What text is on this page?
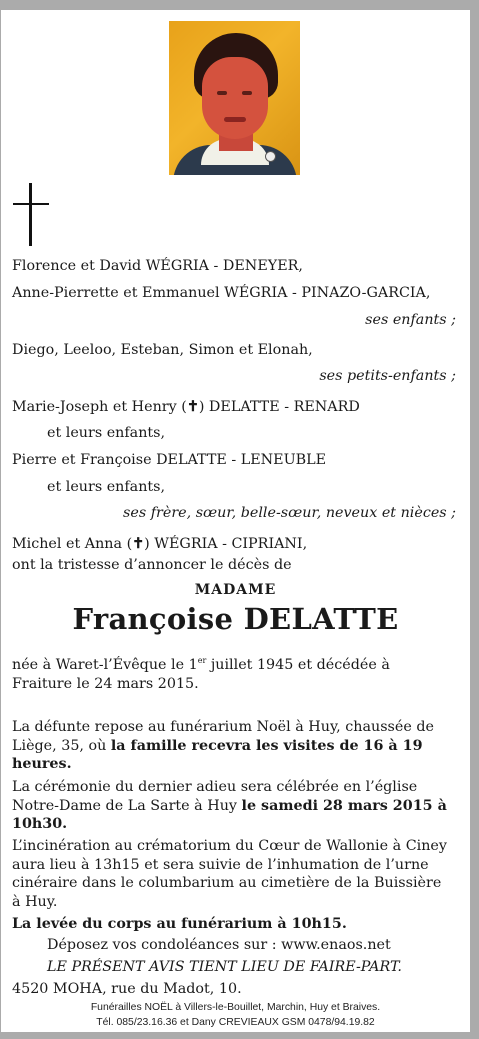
Florence et David WÉGRIA - DENEYER,
Anne-Pierrette et Emmanuel WÉGRIA - PINAZO-GARCIA,
ses enfants ;
Diego, Leeloo, Esteban, Simon et Elonah,
ses petits-enfants ;
Marie-Joseph et Henry (✝) DELATTE - RENARD
et leurs enfants,
Pierre et Françoise DELATTE - LENEUBLE
et leurs enfants,
ses frère, sœur, belle-sœur, neveux et nièces ;
Michel et Anna (✝) WÉGRIA - CIPRIANI,
ont la tristesse d’annoncer le décès de
MADAME
Françoise DELATTE
née à Waret-l’Évêque le 1er juillet 1945 et décédée à Fraiture le 24 mars 2015.
La défunte repose au funérarium Noël à Huy, chaussée de Liège, 35, où la famille recevra les visites de 16 à 19 heures.
La cérémonie du dernier adieu sera célébrée en l’église Notre-Dame de La Sarte à Huy le samedi 28 mars 2015 à 10h30.
L’incinération au crématorium du Cœur de Wallonie à Ciney aura lieu à 13h15 et sera suivie de l’inhumation de l’urne cinéraire dans le columbarium au cimetière de la Buissière à Huy.
La levée du corps au funérarium à 10h15.
Déposez vos condoléances sur : www.enaos.net
LE PRÉSENT AVIS TIENT LIEU DE FAIRE-PART.
4520 MOHA, rue du Madot, 10.
Funérailles NOËL à Villers-le-Bouillet, Marchin, Huy et Braives.
Tél. 085/23.16.36 et Dany CREVIEAUX GSM 0478/94.19.82
